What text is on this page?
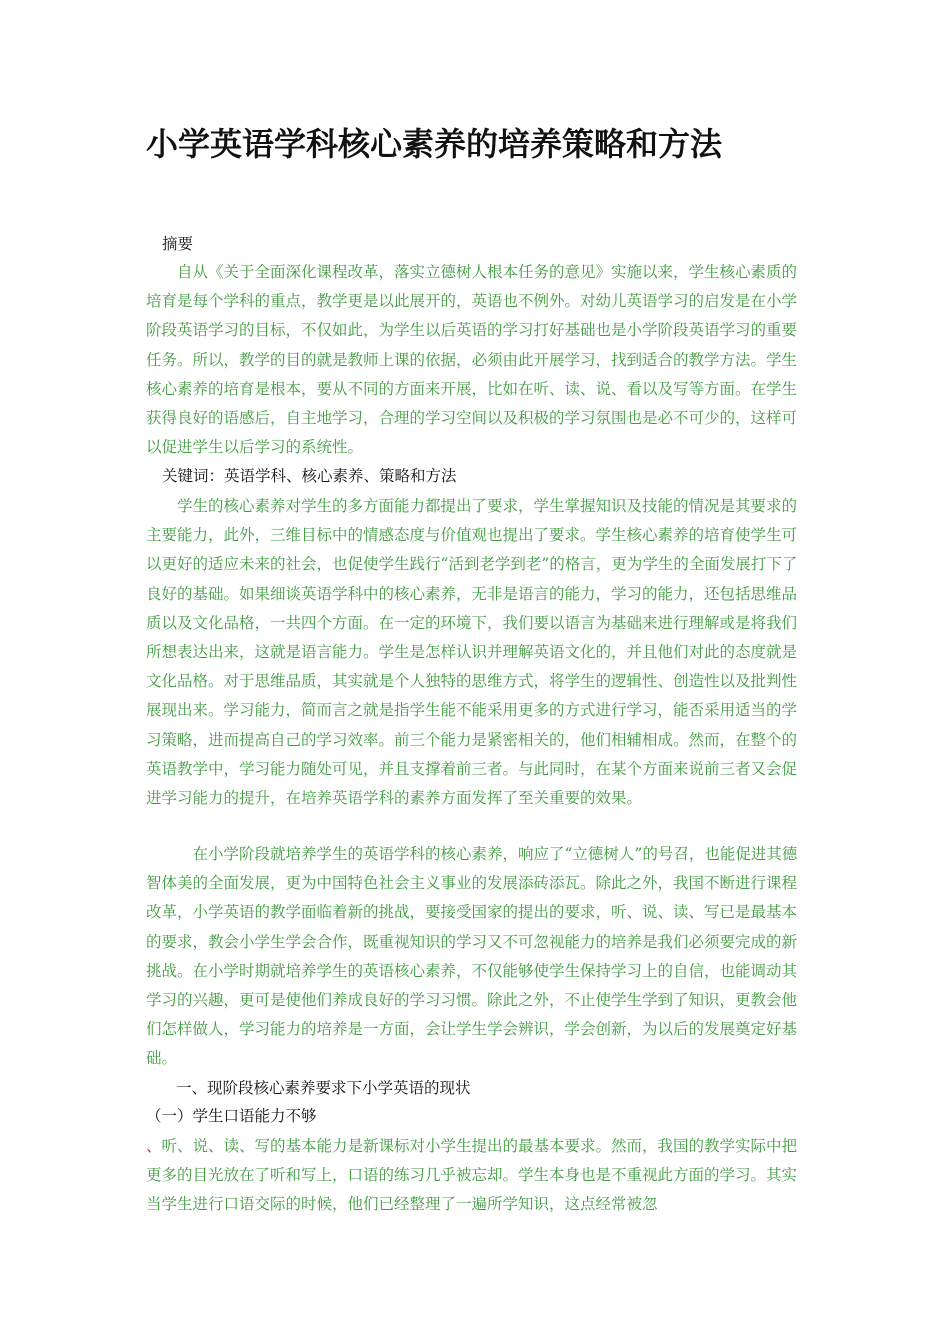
小学英语学科核心素养的培养策略和方法
摘要

自从《关于全面深化课程改革，落实立德树人根本任务的意见》实施以来，学生核心素质的培育是每个学科的重点，教学更是以此展开的，英语也不例外。对幼儿英语学习的启发是在小学阶段英语学习的目标，不仅如此，为学生以后英语的学习打好基础也是小学阶段英语学习的重要任务。所以，教学的目的就是教师上课的依据，必须由此开展学习，找到适合的教学方法。学生核心素养的培育是根本，要从不同的方面来开展，比如在听、读、说、看以及写等方面。在学生获得良好的语感后，自主地学习，合理的学习空间以及积极的学习氛围也是必不可少的，这样可以促进学生以后学习的系统性。

关键词：英语学科、核心素养、策略和方法

学生的核心素养对学生的多方面能力都提出了要求，学生掌握知识及技能的情况是其要求的主要能力，此外，三维目标中的情感态度与价值观也提出了要求。学生核心素养的培育使学生可以更好的适应未来的社会，也促使学生践行“活到老学到老”的格言，更为学生的全面发展打下了良好的基础。如果细谈英语学科中的核心素养，无非是语言的能力，学习的能力，还包括思维品质以及文化品格，一共四个方面。在一定的环境下，我们要以语言为基础来进行理解或是将我们所想表达出来，这就是语言能力。学生是怎样认识并理解英语文化的，并且他们对此的态度就是文化品格。对于思维品质，其实就是个人独特的思维方式，将学生的逻辑性、创造性以及批判性展现出来。学习能力，简而言之就是指学生能不能采用更多的方式进行学习，能否采用适当的学习策略，进而提高自己的学习效率。前三个能力是紧密相关的，他们相辅相成。然而，在整个的英语教学中，学习能力随处可见，并且支撑着前三者。与此同时，在某个方面来说前三者又会促进学习能力的提升，在培养英语学科的素养方面发挥了至关重要的效果。

在小学阶段就培养学生的英语学科的核心素养，响应了“立德树人”的号召，也能促进其德智体美的全面发展，更为中国特色社会主义事业的发展添砖添瓦。除此之外，我国不断进行课程改革，小学英语的教学面临着新的挑战，要接受国家的提出的要求，听、说、读、写已是最基本的要求，教会小学生学会合作，既重视知识的学习又不可忽视能力的培养是我们必须要完成的新挑战。在小学时期就培养学生的英语核心素养，不仅能够使学生保持学习上的自信，也能调动其学习的兴趣，更可是使他们养成良好的学习习惯。除此之外，不止使学生学到了知识，更教会他们怎样做人，学习能力的培养是一方面，会让学生学会辨识，学会创新，为以后的发展奠定好基础。

一、现阶段核心素养要求下小学英语的现状
（一）学生口语能力不够

、听、说、读、写的基本能力是新课标对小学生提出的最基本要求。然而，我国的教学实际中把更多的目光放在了听和写上，口语的练习几乎被忘却。学生本身也是不重视此方面的学习。其实当学生进行口语交际的时候，他们已经整理了一遍所学知识，这点经常被忽
